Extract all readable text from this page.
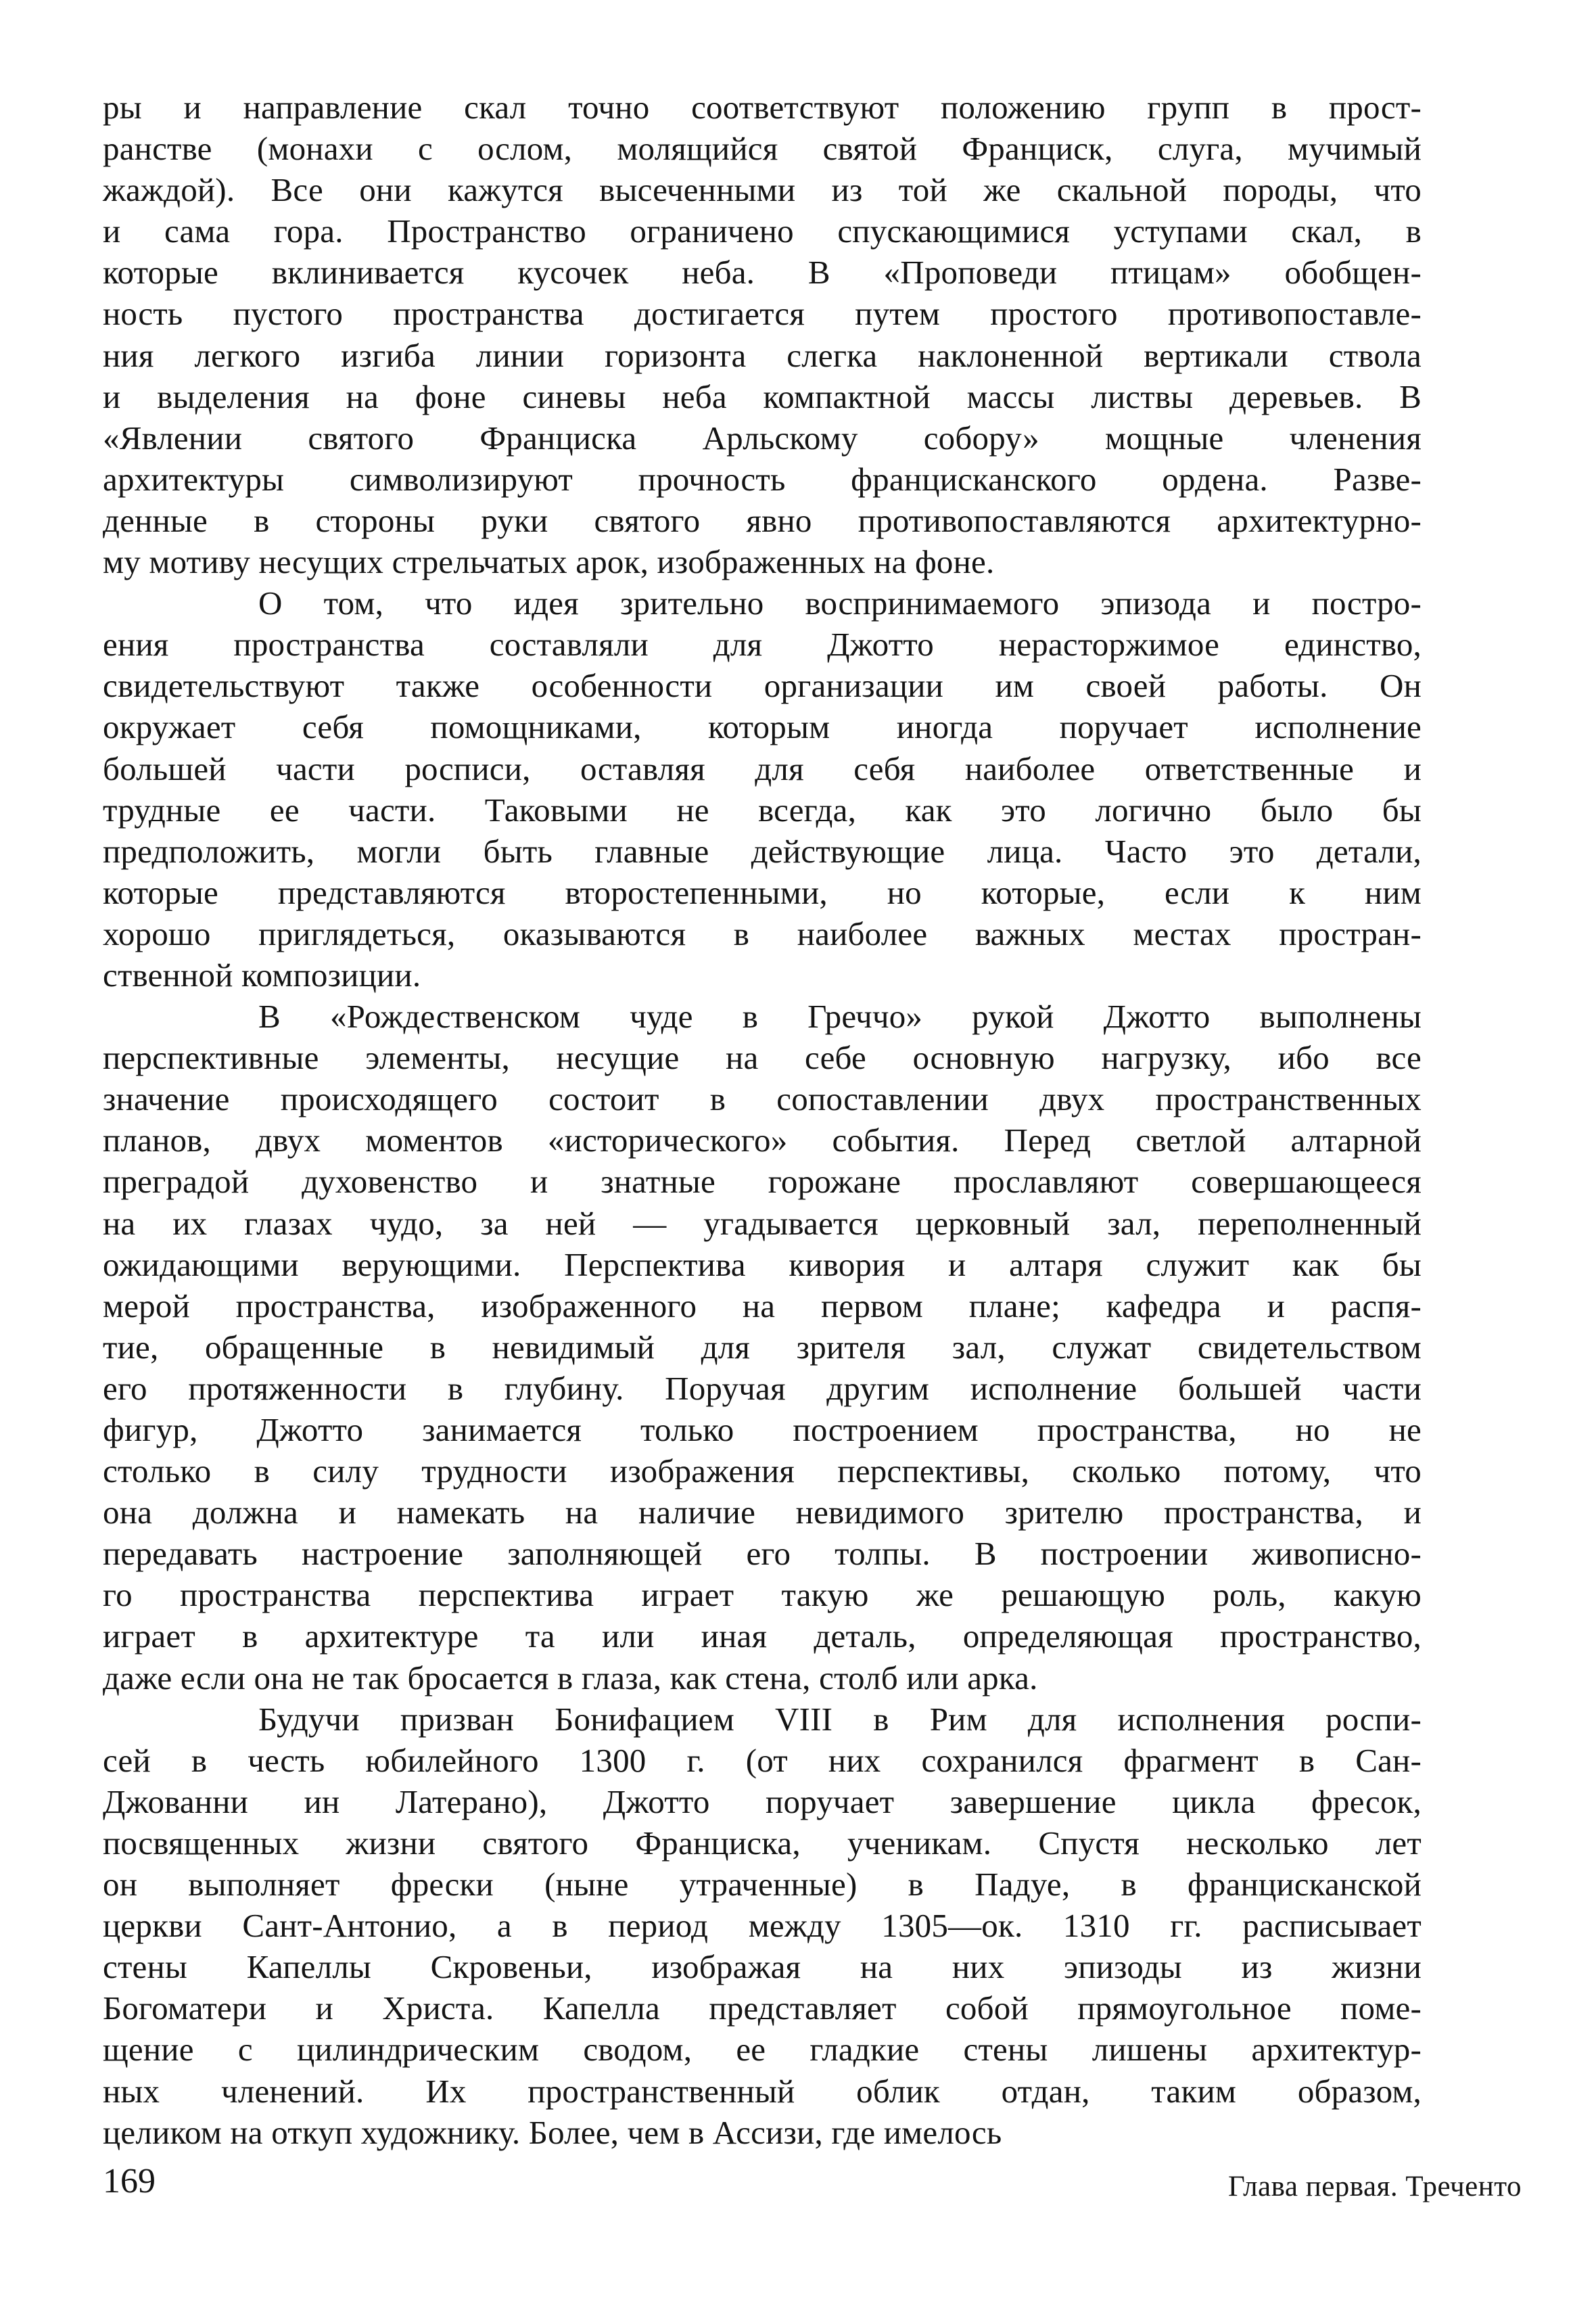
ры и направление скал точно соответствуют положению групп в прост-
ранстве (монахи с ослом, молящийся святой Франциск, слуга, мучимый
жаждой). Все они кажутся высеченными из той же скальной породы, что
и сама гора. Пространство ограничено спускающимися уступами скал, в
которые вклинивается кусочек неба. В «Проповеди птицам» обобщен-
ность пустого пространства достигается путем простого противопоставле-
ния легкого изгиба линии горизонта слегка наклоненной вертикали ствола
и выделения на фоне синевы неба компактной массы листвы деревьев. В
«Явлении святого Франциска Арльскому собору» мощные членения
архитектуры символизируют прочность францисканского ордена. Разве-
денные в стороны руки святого явно противопоставляются архитектурно-
му мотиву несущих стрельчатых арок, изображенных на фоне.
О том, что идея зрительно воспринимаемого эпизода и постро-
ения пространства составляли для Джотто нерасторжимое единство,
свидетельствуют также особенности организации им своей работы. Он
окружает себя помощниками, которым иногда поручает исполнение
большей части росписи, оставляя для себя наиболее ответственные и
трудные ее части. Таковыми не всегда, как это логично было бы
предположить, могли быть главные действующие лица. Часто это детали,
которые представляются второстепенными, но которые, если к ним
хорошо приглядеться, оказываются в наиболее важных местах простран-
ственной композиции.
В «Рождественском чуде в Греччо» рукой Джотто выполнены
перспективные элементы, несущие на себе основную нагрузку, ибо все
значение происходящего состоит в сопоставлении двух пространственных
планов, двух моментов «исторического» события. Перед светлой алтарной
преградой духовенство и знатные горожане прославляют совершающееся
на их глазах чудо, за ней — угадывается церковный зал, переполненный
ожидающими верующими. Перспектива кивория и алтаря служит как бы
мерой пространства, изображенного на первом плане; кафедра и распя-
тие, обращенные в невидимый для зрителя зал, служат свидетельством
его протяженности в глубину. Поручая другим исполнение большей части
фигур, Джотто занимается только построением пространства, но не
столько в силу трудности изображения перспективы, сколько потому, что
она должна и намекать на наличие невидимого зрителю пространства, и
передавать настроение заполняющей его толпы. В построении живописно-
го пространства перспектива играет такую же решающую роль, какую
играет в архитектуре та или иная деталь, определяющая пространство,
даже если она не так бросается в глаза, как стена, столб или арка.
Будучи призван Бонифацием VIII в Рим для исполнения роспи-
сей в честь юбилейного 1300 г. (от них сохранился фрагмент в Сан-
Джованни ин Латерано), Джотто поручает завершение цикла фресок,
посвященных жизни святого Франциска, ученикам. Спустя несколько лет
он выполняет фрески (ныне утраченные) в Падуе, в францисканской
церкви Сант-Антонио, а в период между 1305—ок. 1310 гг. расписывает
стены Капеллы Скровеньи, изображая на них эпизоды из жизни
Богоматери и Христа. Капелла представляет собой прямоугольное поме-
щение с цилиндрическим сводом, ее гладкие стены лишены архитектур-
ных членений. Их пространственный облик отдан, таким образом,
целиком на откуп художнику. Более, чем в Ассизи, где имелось
169	Глава первая. Треченто
